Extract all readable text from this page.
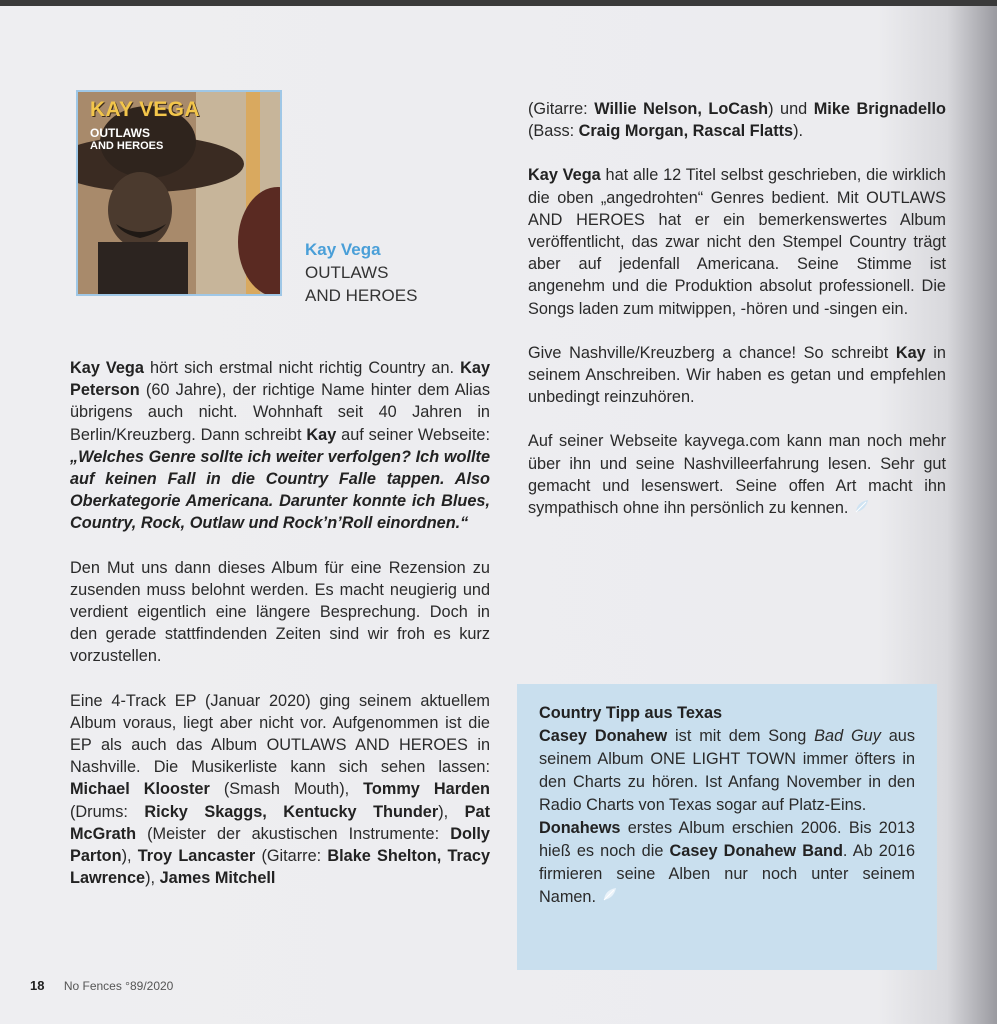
KAY VEGA
OUTLAWS
AND HEROES
Kay Vega
OUTLAWS
AND HEROES

Kay Vega hört sich erstmal nicht richtig Country an. Kay Peterson (60 Jahre), der richtige Name hinter dem Alias übrigens auch nicht. Wohnhaft seit 40 Jahren in Berlin/Kreuzberg. Dann schreibt Kay auf seiner Webseite: „Welches Genre sollte ich weiter verfolgen? Ich wollte auf keinen Fall in die Country Falle tappen. Also Oberkategorie Americana. Darunter konnte ich Blues, Country, Rock, Outlaw und Rock’n’Roll einordnen.“

Den Mut uns dann dieses Album für eine Rezension zu zusenden muss belohnt werden. Es macht neugierig und verdient eigentlich eine längere Besprechung. Doch in den gerade stattfindenden Zeiten sind wir froh es kurz vorzustellen.

Eine 4-Track EP (Januar 2020) ging seinem aktuellem Album voraus, liegt aber nicht vor. Aufgenommen ist die EP als auch das Album OUTLAWS AND HEROES in Nashville. Die Musikerliste kann sich sehen lassen: Michael Klooster (Smash Mouth), Tommy Harden (Drums: Ricky Skaggs, Kentucky Thunder), Pat McGrath (Meister der akustischen Instrumente: Dolly Parton), Troy Lancaster (Gitarre: Blake Shelton, Tracy Lawrence), James Mitchell

(Gitarre: Willie Nelson, LoCash) und Mike Brignadello (Bass: Craig Morgan, Rascal Flatts).

Kay Vega hat alle 12 Titel selbst geschrieben, die wirklich die oben „angedrohten“ Genres bedient. Mit OUTLAWS AND HEROES hat er ein bemerkenswertes Album veröffentlicht, das zwar nicht den Stempel Country trägt aber auf jedenfall Americana. Seine Stimme ist angenehm und die Produktion absolut professionell. Die Songs laden zum mitwippen, -hören und -singen ein.

Give Nashville/Kreuzberg a chance! So schreibt Kay in seinem Anschreiben. Wir haben es getan und empfehlen unbedingt reinzuhören.

Auf seiner Webseite kayvega.com kann man noch mehr über ihn und seine Nashvilleerfahrung lesen. Sehr gut gemacht und lesenswert. Seine offen Art macht ihn sympathisch ohne ihn persönlich zu kennen.

Country Tipp aus Texas

Casey Donahew ist mit dem Song Bad Guy aus seinem Album ONE LIGHT TOWN immer öfters in den Charts zu hören. Ist Anfang November in den Radio Charts von Texas sogar auf Platz-Eins.

Donahews erstes Album erschien 2006. Bis 2013 hieß es noch die Casey Donahew Band. Ab 2016 firmieren seine Alben nur noch unter seinem Namen.

18 No Fences °89/2020
